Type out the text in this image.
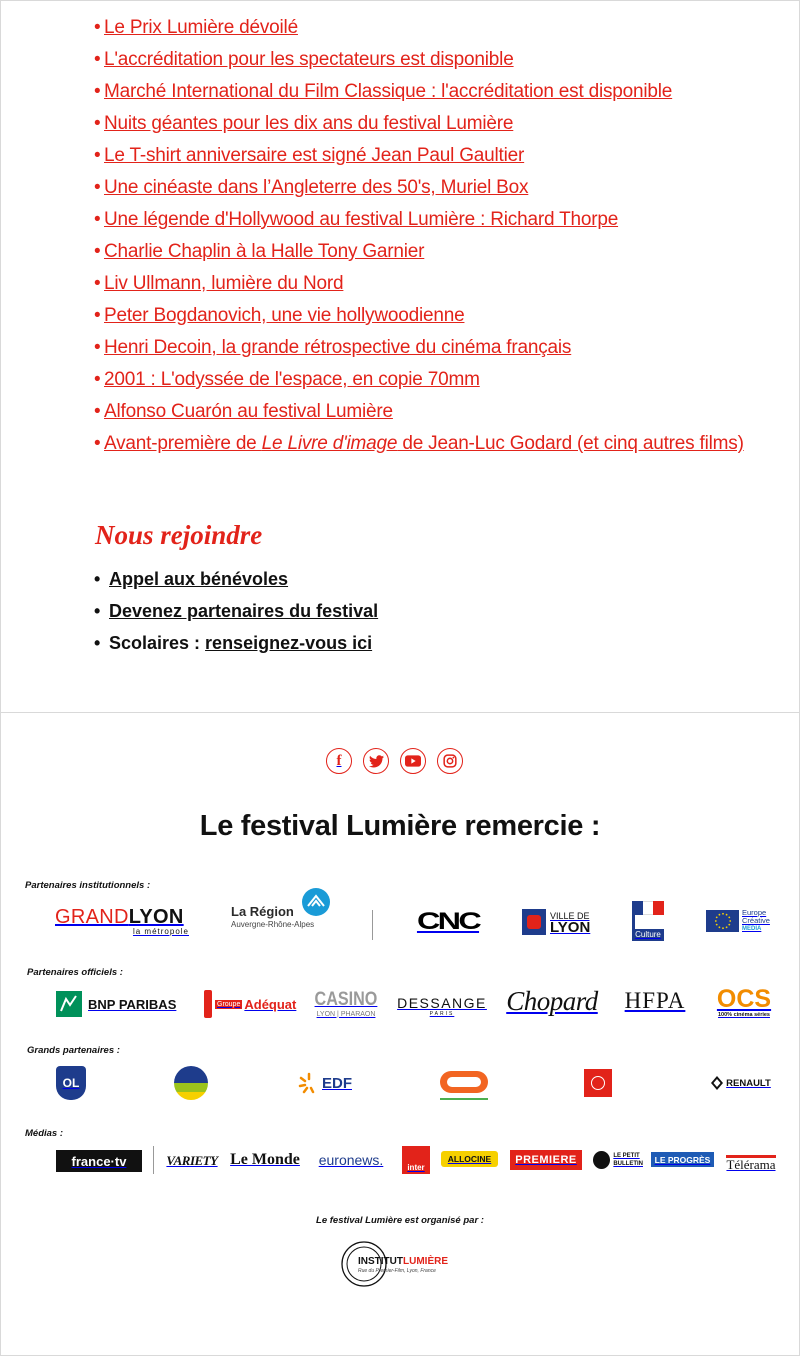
• Le Prix Lumière dévoilé
• L'accréditation pour les spectateurs est disponible
• Marché International du Film Classique : l'accréditation est disponible
• Nuits géantes pour les dix ans du festival Lumière
• Le T-shirt anniversaire est signé Jean Paul Gaultier
• Une cinéaste dans l’Angleterre des 50's, Muriel Box
• Une légende d'Hollywood au festival Lumière : Richard Thorpe
• Charlie Chaplin à la Halle Tony Garnier
• Liv Ullmann, lumière du Nord
• Peter Bogdanovich, une vie hollywoodienne
• Henri Decoin, la grande rétrospective du cinéma français
• 2001 : L'odyssée de l'espace, en copie 70mm
• Alfonso Cuarón au festival Lumière
• Avant-première de Le Livre d'image de Jean-Luc Godard (et cinq autres films)
Nous rejoindre
• Appel aux bénévoles
• Devenez partenaires du festival
• Scolaires : renseignez-vous ici
f
Le festival Lumière remercie :
Partenaires institutionnels :
GRANDLYON
la métropole
La Région
Auvergne-Rhône-Alpes	CNC	VILLE DE
LYON	Culture
Europe
Créative
MEDIA
Partenaires officiels :
BNP PARIBAS	Groupe Adéquat CASINO
LYON | PHARAON
DESSANGE
PARIS Chopard HFPA OCS
100% cinéma séries
Grands partenaires :
OL	EDF	RENAULT
Médias :
france·tv	VARIETY Le Monde euronews.	inter
ALLOCINE PREMIERE	LE PETIT
BULLETIN LE PROGRÈS Télérama
Le festival Lumière est organisé par :
INSTITUTLUMIÈRE
Rue du Premier-Film, Lyon, France
